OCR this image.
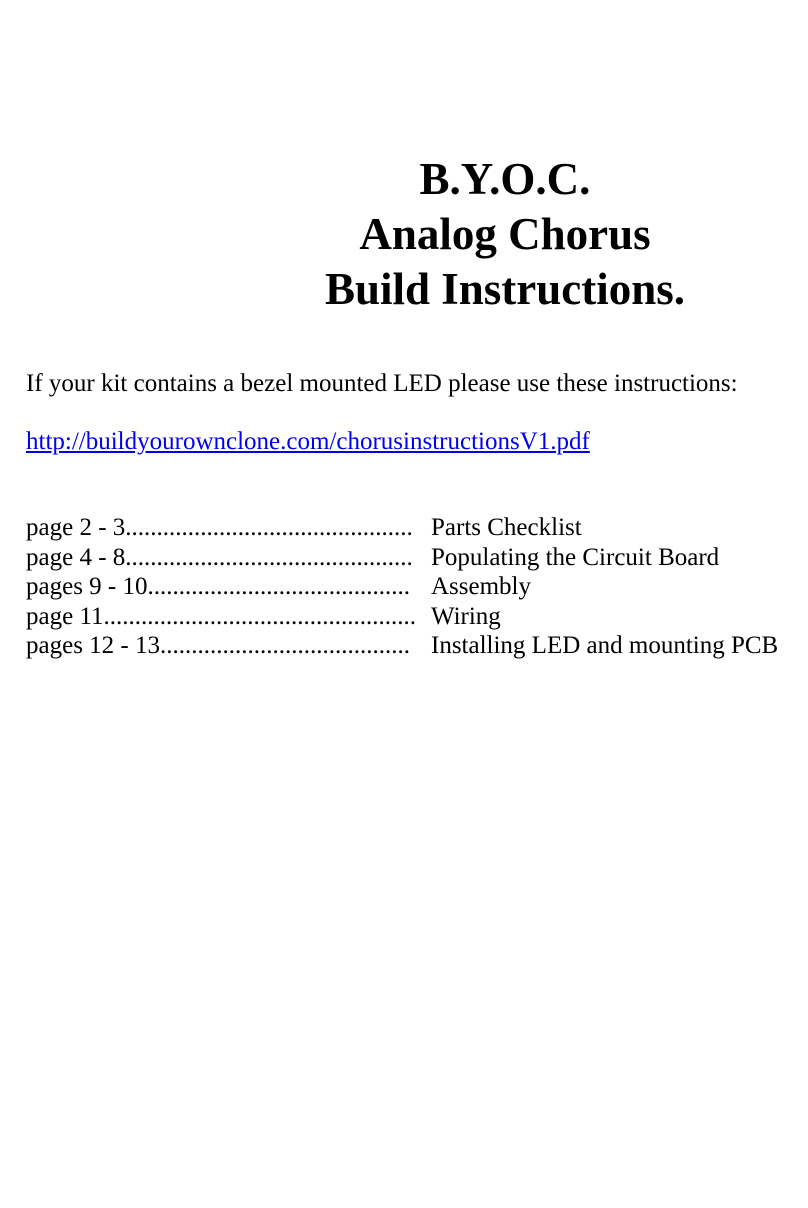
B.Y.O.C.
Analog Chorus
Build Instructions.
If your kit contains a bezel mounted LED please use these instructions:
http://buildyourownclone.com/chorusinstructionsV1.pdf
page 2 - 3.............................................. Parts Checklist
page 4 - 8.............................................. Populating the Circuit Board
pages 9 - 10.......................................... Assembly
page 11.................................................. Wiring
pages 12 - 13........................................ Installing LED and mounting PCB
